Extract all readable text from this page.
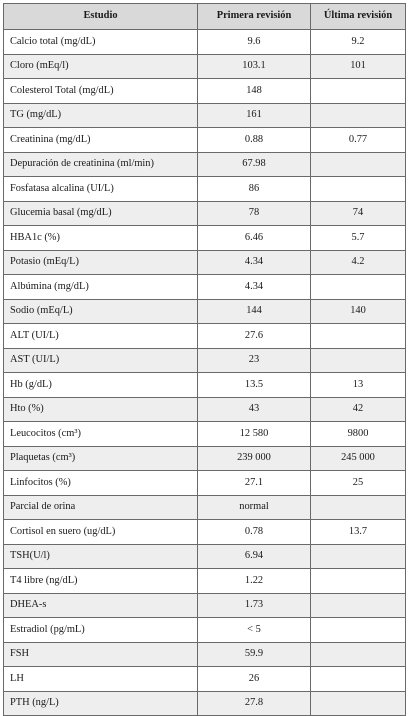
Estudio	Primera revisión	Última revisión
Calcio total (mg/dL)	9.6	9.2
Cloro (mEq/l)	103.1	101
Colesterol Total (mg/dL)	148	
TG (mg/dL)	161	
Creatinina (mg/dL)	0.88	0.77
Depuración de creatinina (ml/min)	67.98	
Fosfatasa alcalina (UI/L)	86	
Glucemia basal (mg/dL)	78	74
HBA1c (%)	6.46	5.7
Potasio (mEq/L)	4.34	4.2
Albúmina (mg/dL)	4.34	
Sodio (mEq/L)	144	140
ALT (UI/L)	27.6	
AST (UI/L)	23	
Hb (g/dL)	13.5	13
Hto (%)	43	42
Leucocitos (cm³)	12 580	9800
Plaquetas (cm³)	239 000	245 000
Linfocitos (%)	27.1	25
Parcial de orina	normal	
Cortisol en suero (ug/dL)	0.78	13.7
TSH(U/l)	6.94	
T4 libre (ng/dL)	1.22	
DHEA-s	1.73	
Estradiol (pg/mL)	< 5	
FSH	59.9	
LH	26	
PTH (ng/L)	27.8	
